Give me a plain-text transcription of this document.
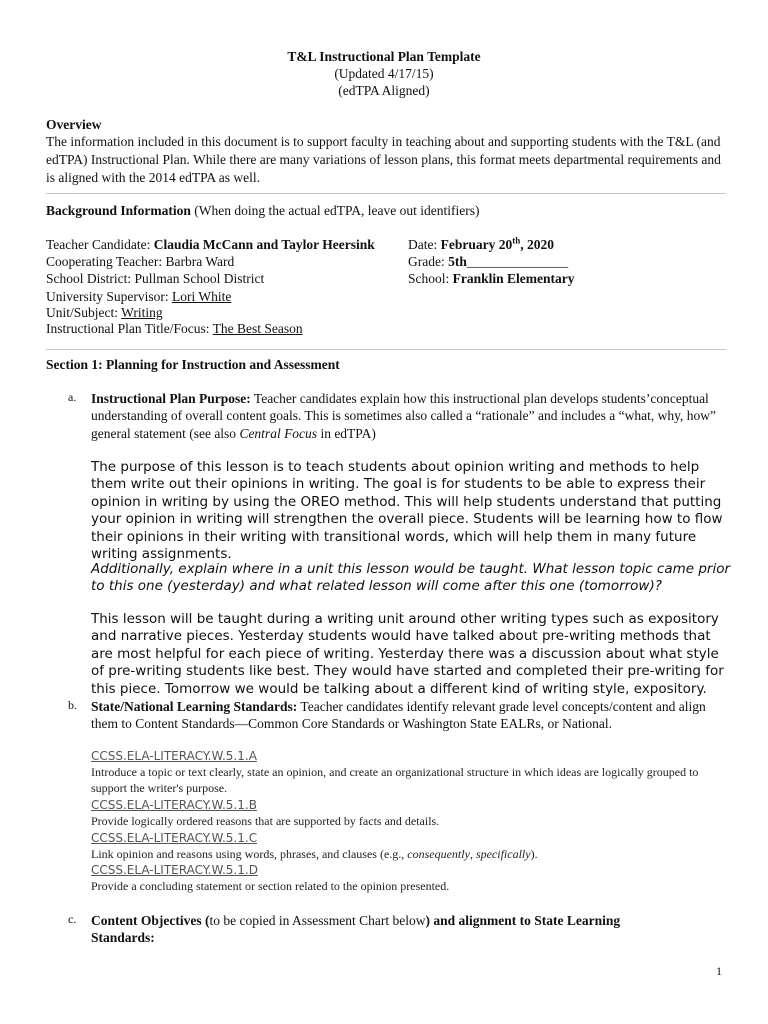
T&L Instructional Plan Template
(Updated 4/17/15)
(edTPA Aligned)
Overview
The information included in this document is to support faculty in teaching about and supporting students with the T&L (and edTPA) Instructional Plan. While there are many variations of lesson plans, this format meets departmental requirements and is aligned with the 2014 edTPA as well.
Background Information (When doing the actual edTPA, leave out identifiers)
Teacher Candidate: Claudia McCann and Taylor Heersink Date: February 20th, 2020
Cooperating Teacher: Barbra Ward	Grade: 5th_______________
School District: Pullman School District	School: Franklin Elementary
University Supervisor: Lori White
Unit/Subject: Writing
Instructional Plan Title/Focus: The Best Season
Section 1: Planning for Instruction and Assessment
a. Instructional Plan Purpose: Teacher candidates explain how this instructional plan develops students’conceptual understanding of overall content goals. This is sometimes also called a “rationale” and includes a “what, why, how” general statement (see also Central Focus in edTPA)
The purpose of this lesson is to teach students about opinion writing and methods to help them write out their opinions in writing. The goal is for students to be able to express their opinion in writing by using the OREO method. This will help students understand that putting your opinion in writing will strengthen the overall piece. Students will be learning how to flow their opinions in their writing with transitional words, which will help them in many future writing assignments.
Additionally, explain where in a unit this lesson would be taught. What lesson topic came prior to this one (yesterday) and what related lesson will come after this one (tomorrow)?
This lesson will be taught during a writing unit around other writing types such as expository and narrative pieces. Yesterday students would have talked about pre-writing methods that are most helpful for each piece of writing. Yesterday there was a discussion about what style of pre-writing students like best. They would have started and completed their pre-writing for this piece. Tomorrow we would be talking about a different kind of writing style, expository.
b. State/National Learning Standards: Teacher candidates identify relevant grade level concepts/content and align them to Content Standards—Common Core Standards or Washington State EALRs, or National.
CCSS.ELA-LITERACY.W.5.1.A
Introduce a topic or text clearly, state an opinion, and create an organizational structure in which ideas are logically grouped to support the writer's purpose.
CCSS.ELA-LITERACY.W.5.1.B
Provide logically ordered reasons that are supported by facts and details.
CCSS.ELA-LITERACY.W.5.1.C
Link opinion and reasons using words, phrases, and clauses (e.g., consequently, specifically).
CCSS.ELA-LITERACY.W.5.1.D
Provide a concluding statement or section related to the opinion presented.
c. Content Objectives (to be copied in Assessment Chart below) and alignment to State Learning
Standards:
1
